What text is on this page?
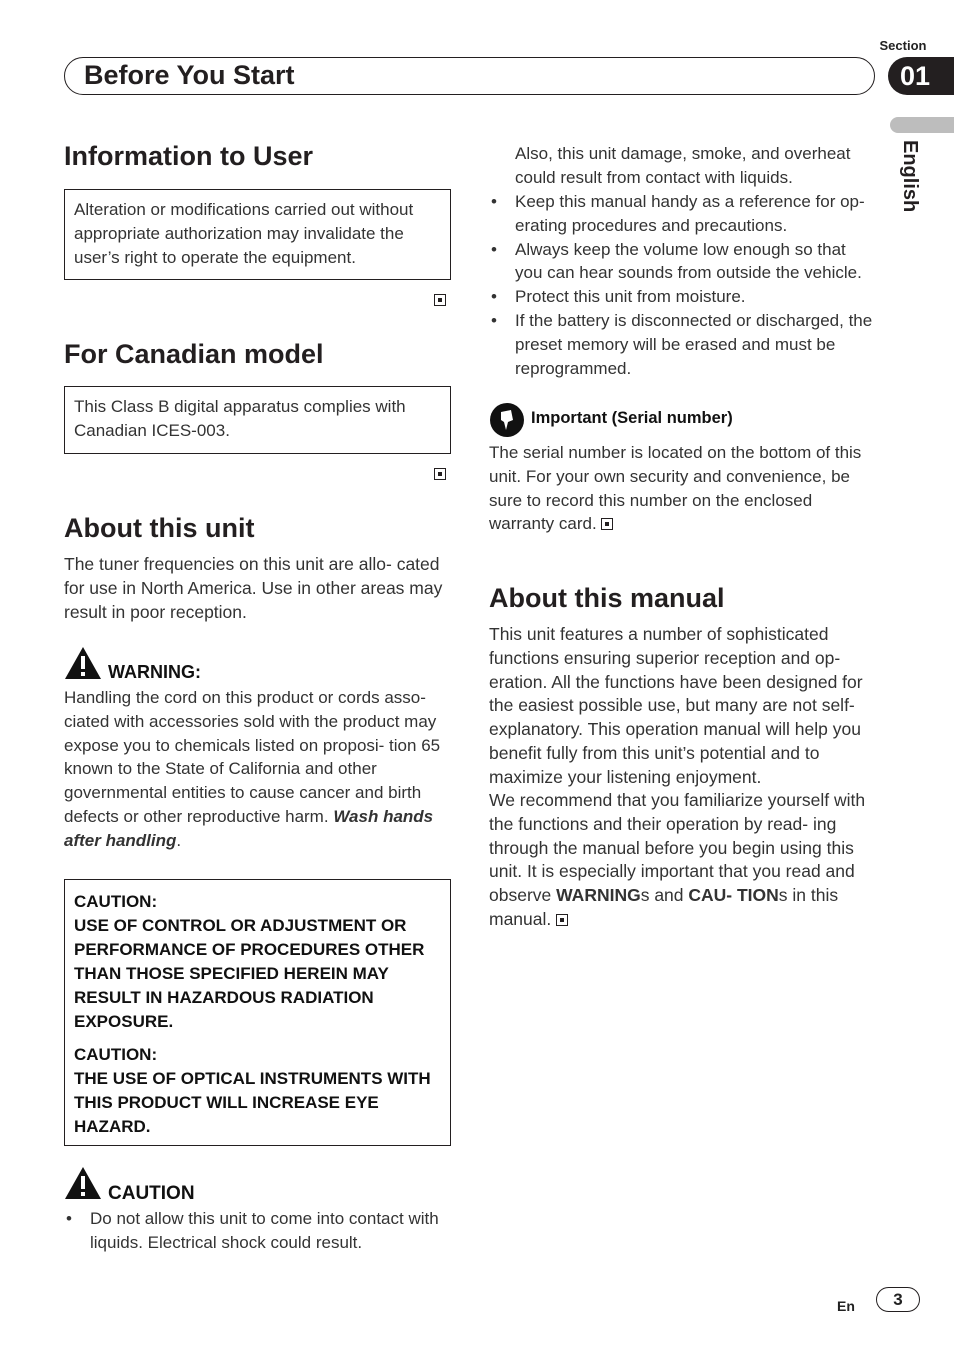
Section
01
Before You Start
English
Information to User
Alteration or modifications carried out without appropriate authorization may invalidate the user’s right to operate the equipment.
For Canadian model
This Class B digital apparatus complies with Canadian ICES-003.
About this unit
The tuner frequencies on this unit are allo- cated for use in North America. Use in other areas may result in poor reception.
WARNING:
Handling the cord on this product or cords asso- ciated with accessories sold with the product may expose you to chemicals listed on proposi- tion 65 known to the State of California and other governmental entities to cause cancer and birth defects or other reproductive harm. Wash hands after handling.
CAUTION:
USE OF CONTROL OR ADJUSTMENT OR PERFORMANCE OF PROCEDURES OTHER THAN THOSE SPECIFIED HEREIN MAY RESULT IN HAZARDOUS RADIATION EXPOSURE.
CAUTION:
THE USE OF OPTICAL INSTRUMENTS WITH THIS PRODUCT WILL INCREASE EYE HAZARD.
CAUTION
• Do not allow this unit to come into contact with liquids. Electrical shock could result.
Also, this unit damage, smoke, and overheat could result from contact with liquids.
• Keep this manual handy as a reference for op- erating procedures and precautions.
• Always keep the volume low enough so that you can hear sounds from outside the vehicle.
• Protect this unit from moisture.
• If the battery is disconnected or discharged, the preset memory will be erased and must be reprogrammed.
Important (Serial number)
The serial number is located on the bottom of this unit. For your own security and convenience, be sure to record this number on the enclosed warranty card.
About this manual
This unit features a number of sophisticated functions ensuring superior reception and op- eration. All the functions have been designed for the easiest possible use, but many are not self-explanatory. This operation manual will help you benefit fully from this unit’s potential and to maximize your listening enjoyment.
We recommend that you familiarize yourself with the functions and their operation by read- ing through the manual before you begin using this unit. It is especially important that you read and observe WARNINGs and CAU- TIONs in this manual.
En	3
